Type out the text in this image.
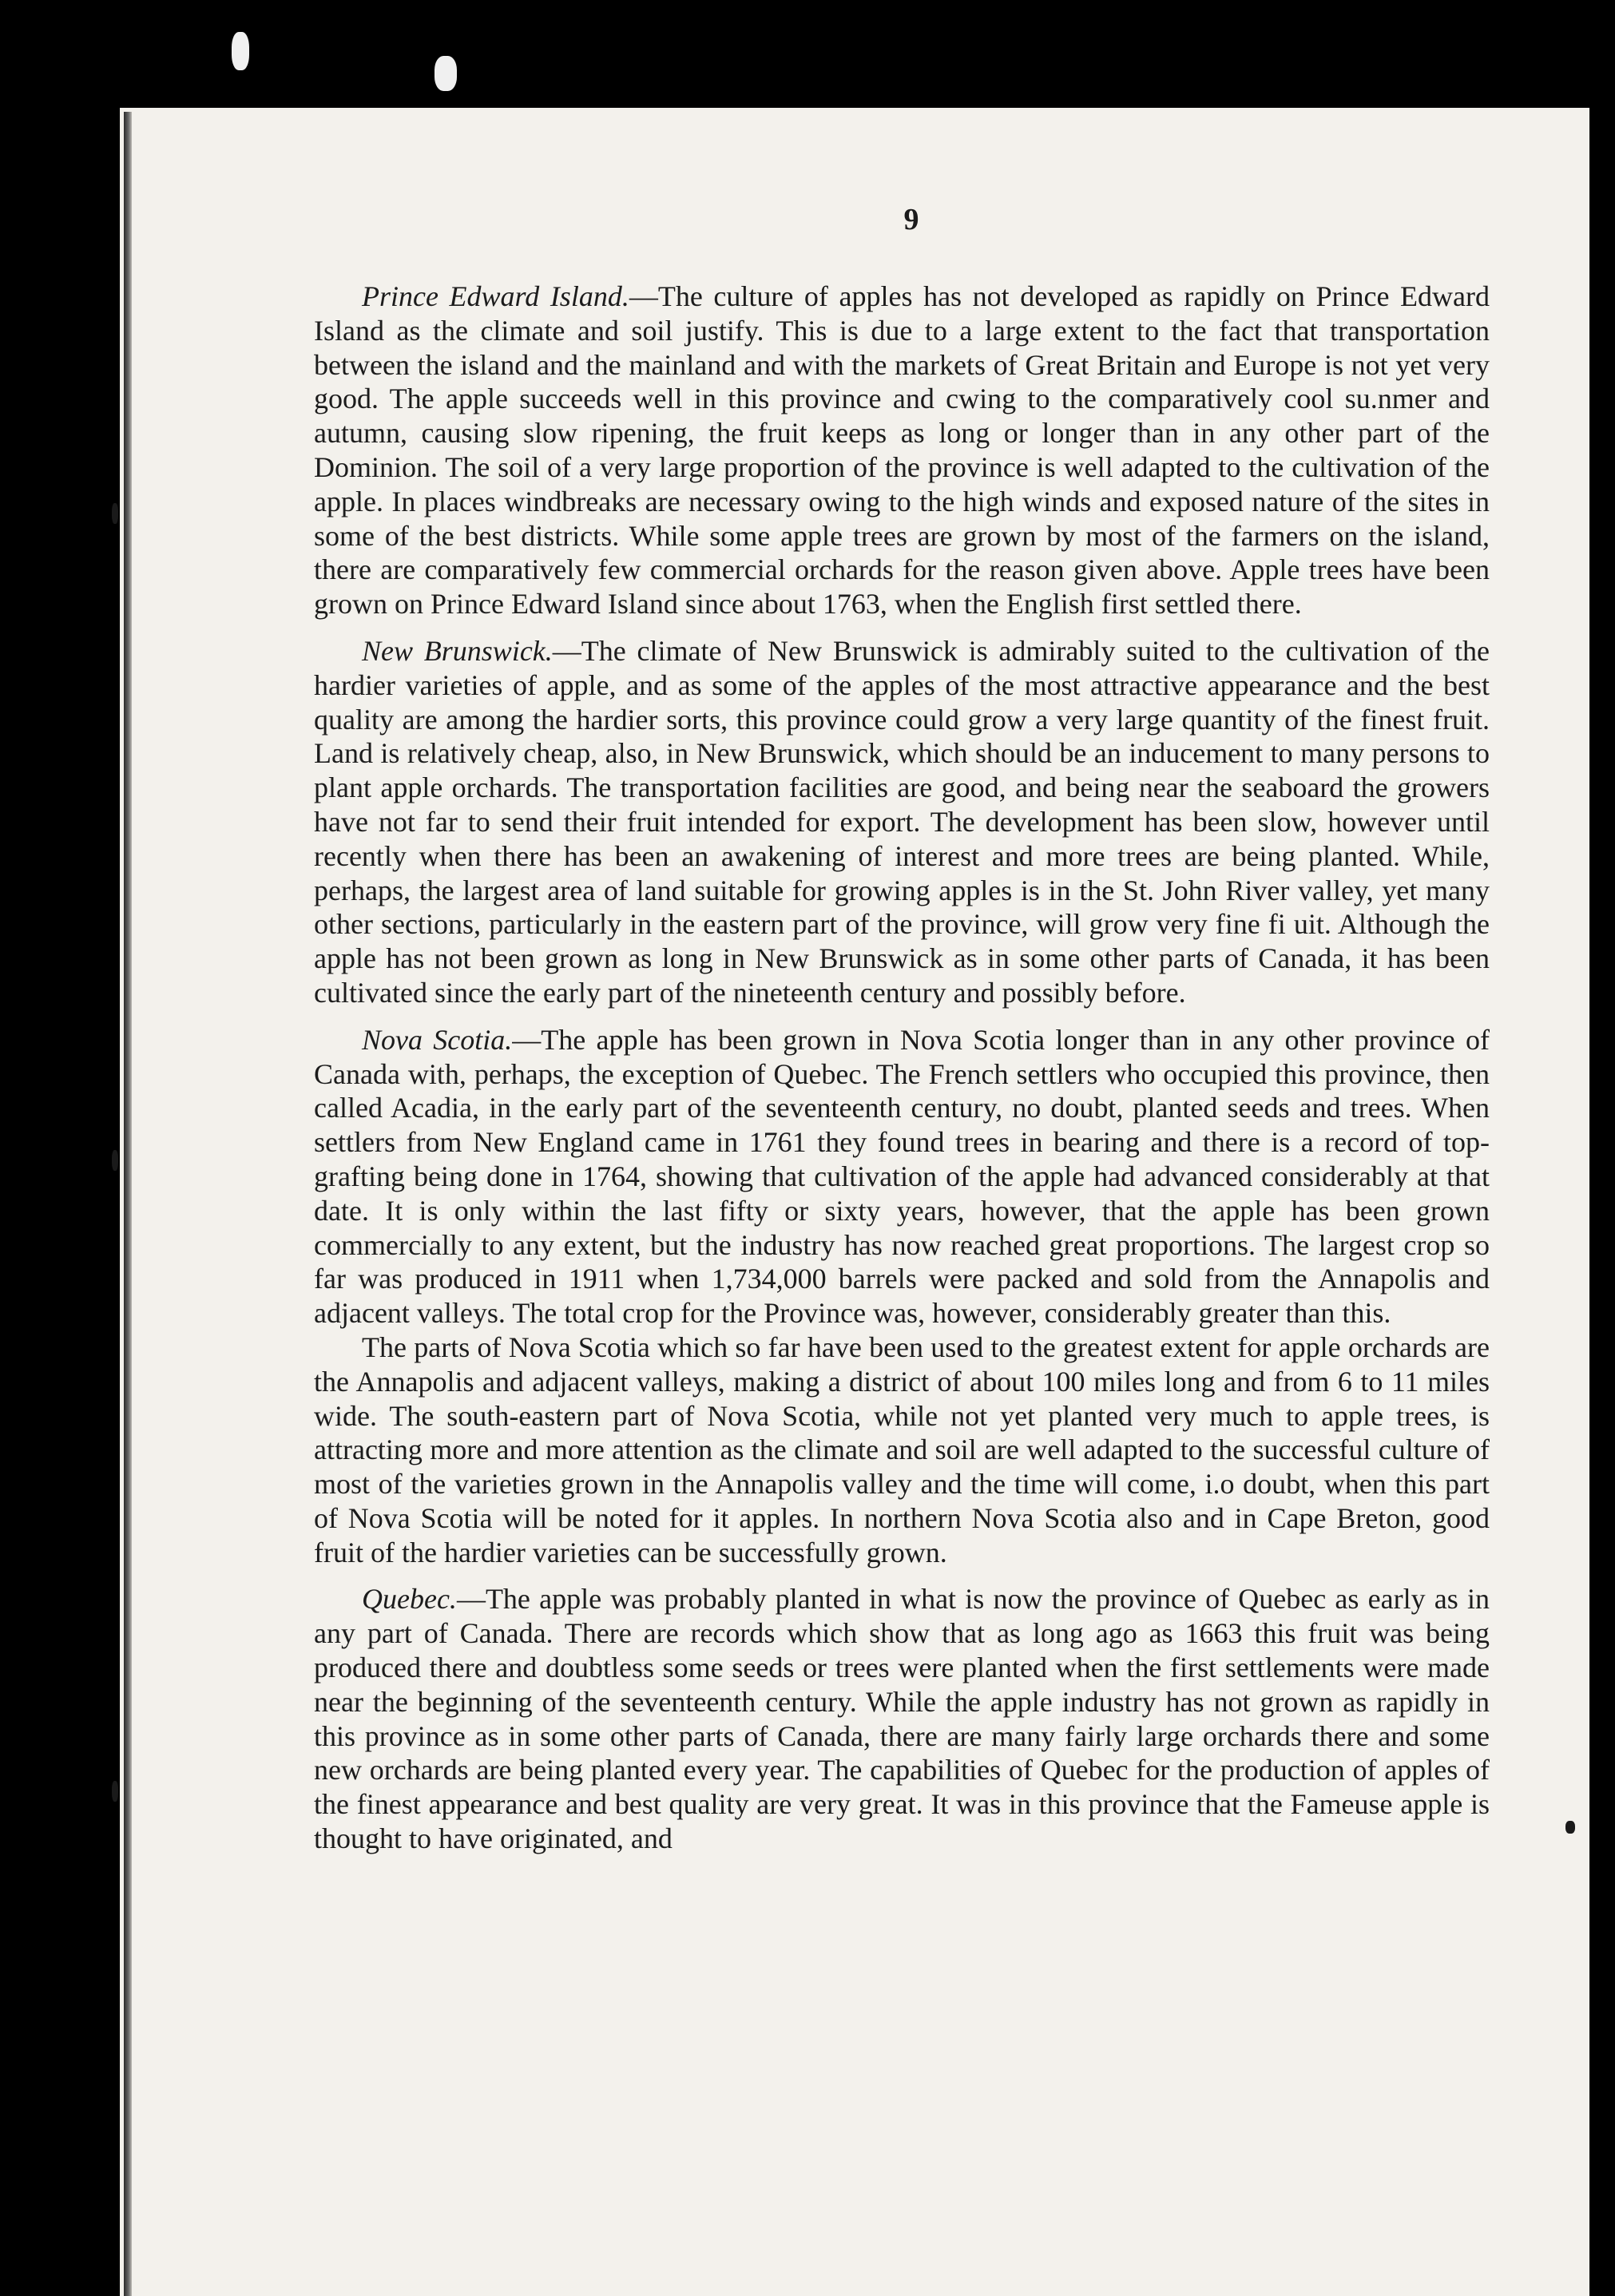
9

Prince Edward Island.—The culture of apples has not developed as rapidly on Prince Edward Island as the climate and soil justify. This is due to a large extent to the fact that transportation between the island and the mainland and with the markets of Great Britain and Europe is not yet very good. The apple succeeds well in this province and cwing to the comparatively cool su.nmer and autumn, causing slow ripening, the fruit keeps as long or longer than in any other part of the Dominion. The soil of a very large proportion of the province is well adapted to the cultivation of the apple. In places windbreaks are necessary owing to the high winds and exposed nature of the sites in some of the best districts. While some apple trees are grown by most of the farmers on the island, there are comparatively few commercial orchards for the reason given above. Apple trees have been grown on Prince Edward Island since about 1763, when the English first settled there.

New Brunswick.—The climate of New Brunswick is admirably suited to the cultivation of the hardier varieties of apple, and as some of the apples of the most attractive appearance and the best quality are among the hardier sorts, this province could grow a very large quantity of the finest fruit. Land is relatively cheap, also, in New Brunswick, which should be an inducement to many persons to plant apple orchards. The transportation facilities are good, and being near the seaboard the growers have not far to send their fruit intended for export. The development has been slow, however until recently when there has been an awakening of interest and more trees are being planted. While, perhaps, the largest area of land suitable for growing apples is in the St. John River valley, yet many other sections, particularly in the eastern part of the province, will grow very fine fi uit. Although the apple has not been grown as long in New Brunswick as in some other parts of Canada, it has been cultivated since the early part of the nineteenth century and possibly before.

Nova Scotia.—The apple has been grown in Nova Scotia longer than in any other province of Canada with, perhaps, the exception of Quebec. The French settlers who occupied this province, then called Acadia, in the early part of the seventeenth century, no doubt, planted seeds and trees. When settlers from New England came in 1761 they found trees in bearing and there is a record of top-grafting being done in 1764, showing that cultivation of the apple had advanced considerably at that date. It is only within the last fifty or sixty years, however, that the apple has been grown commercially to any extent, but the industry has now reached great proportions. The largest crop so far was produced in 1911 when 1,734,000 barrels were packed and sold from the Annapolis and adjacent valleys. The total crop for the Province was, however, considerably greater than this.

The parts of Nova Scotia which so far have been used to the greatest extent for apple orchards are the Annapolis and adjacent valleys, making a district of about 100 miles long and from 6 to 11 miles wide. The south-eastern part of Nova Scotia, while not yet planted very much to apple trees, is attracting more and more attention as the climate and soil are well adapted to the successful culture of most of the varieties grown in the Annapolis valley and the time will come, i.o doubt, when this part of Nova Scotia will be noted for it apples. In northern Nova Scotia also and in Cape Breton, good fruit of the hardier varieties can be successfully grown.

Quebec.—The apple was probably planted in what is now the province of Quebec as early as in any part of Canada. There are records which show that as long ago as 1663 this fruit was being produced there and doubtless some seeds or trees were planted when the first settlements were made near the beginning of the seventeenth century. While the apple industry has not grown as rapidly in this province as in some other parts of Canada, there are many fairly large orchards there and some new orchards are being planted every year. The capabilities of Quebec for the production of apples of the finest appearance and best quality are very great. It was in this province that the Fameuse apple is thought to have originated, and
